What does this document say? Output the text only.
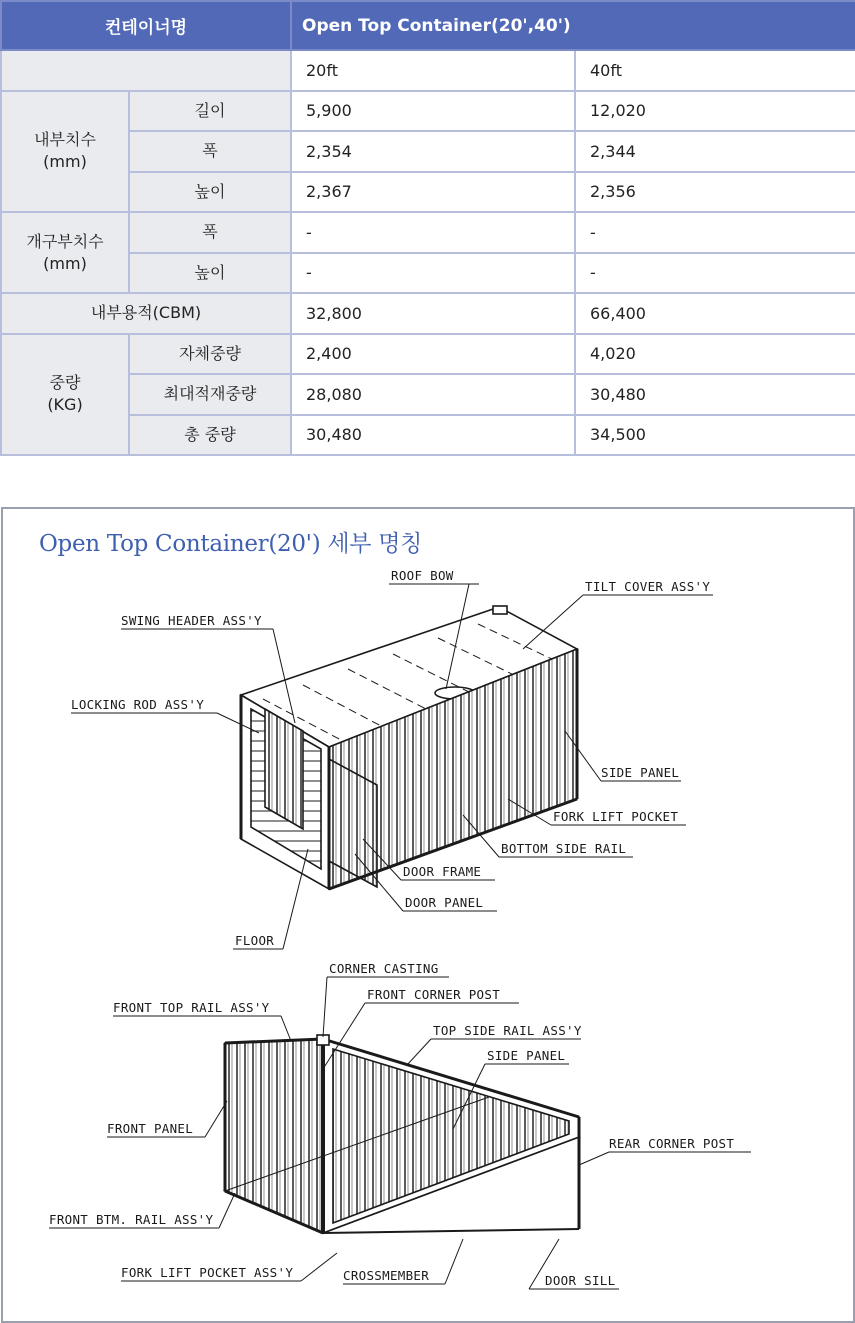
컨테이너명		Open Top Container(20',40')	
		20ft	40ft
내부치수
(mm)	길이	5,900	12,020
	폭	2,354	2,344
	높이	2,367	2,356
개구부치수
(mm)	폭	-	-
	높이	-	-
내부용적(CBM)		32,800	66,400
중량
(KG)	자체중량	2,400	4,020
	최대적재중량	28,080	30,480
	총 중량	30,480	34,500
Open Top Container(20') 세부 명칭
ROOF BOW
TILT COVER ASS'Y
SWING HEADER ASS'Y
LOCKING ROD ASS'Y
SIDE PANEL
FORK LIFT POCKET
BOTTOM SIDE RAIL
DOOR FRAME
DOOR PANEL
FLOOR
CORNER CASTING
FRONT CORNER POST
FRONT TOP RAIL ASS'Y
TOP SIDE RAIL ASS'Y
SIDE PANEL
FRONT PANEL
REAR CORNER POST
FRONT BTM. RAIL ASS'Y
FORK LIFT POCKET ASS'Y	CROSSMEMBER	DOOR SILL
